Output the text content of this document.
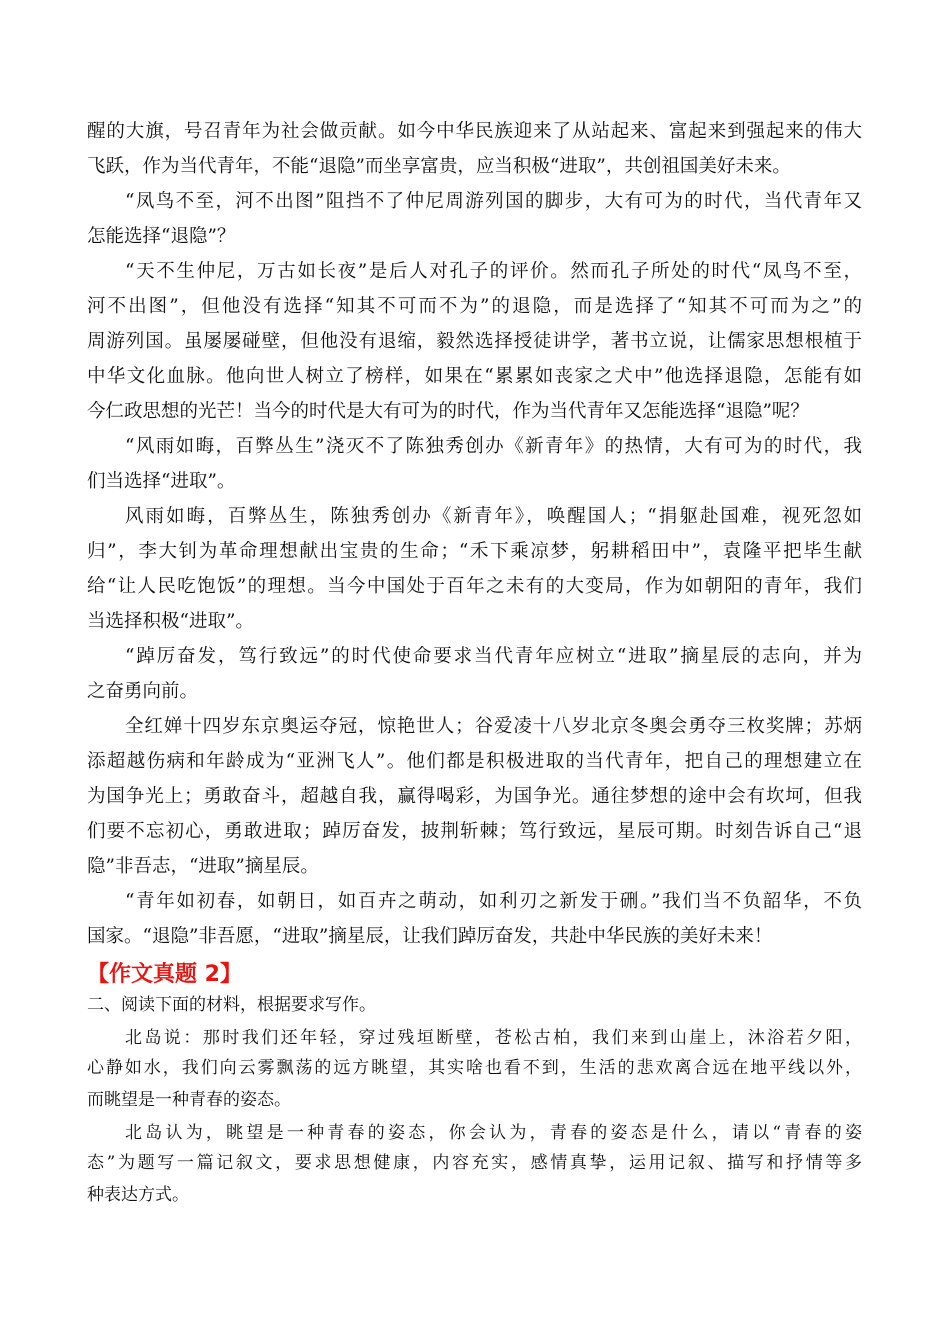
醒的大旗，号召青年为社会做贡献。如今中华民族迎来了从站起来、富起来到强起来的伟大
飞跃，作为当代青年，不能“退隐”而坐享富贵，应当积极“进取”，共创祖国美好未来。
“凤鸟不至，河不出图”阻挡不了仲尼周游列国的脚步，大有可为的时代，当代青年又
怎能选择“退隐”？
“天不生仲尼，万古如长夜”是后人对孔子的评价。然而孔子所处的时代“凤鸟不至，
河不出图”，但他没有选择“知其不可而不为”的退隐，而是选择了“知其不可而为之”的
周游列国。虽屡屡碰壁，但他没有退缩，毅然选择授徒讲学，著书立说，让儒家思想根植于
中华文化血脉。他向世人树立了榜样，如果在“累累如丧家之犬中”他选择退隐，怎能有如
今仁政思想的光芒！当今的时代是大有可为的时代，作为当代青年又怎能选择“退隐”呢？
“风雨如晦，百弊丛生”浇灭不了陈独秀创办《新青年》的热情，大有可为的时代，我
们当选择“进取”。
风雨如晦，百弊丛生，陈独秀创办《新青年》，唤醒国人；“捐躯赴国难，视死忽如
归”，李大钊为革命理想献出宝贵的生命；“禾下乘凉梦，躬耕稻田中”，袁隆平把毕生献
给“让人民吃饱饭”的理想。当今中国处于百年之未有的大变局，作为如朝阳的青年，我们
当选择积极“进取”。
“踔厉奋发，笃行致远”的时代使命要求当代青年应树立“进取”摘星辰的志向，并为
之奋勇向前。
全红婵十四岁东京奥运夺冠，惊艳世人；谷爱凌十八岁北京冬奥会勇夺三枚奖牌；苏炳
添超越伤病和年龄成为“亚洲飞人”。他们都是积极进取的当代青年，把自己的理想建立在
为国争光上；勇敢奋斗，超越自我，赢得喝彩，为国争光。通往梦想的途中会有坎坷，但我
们要不忘初心，勇敢进取；踔厉奋发，披荆斩棘；笃行致远，星辰可期。时刻告诉自己“退
隐”非吾志，“进取”摘星辰。
“青年如初春，如朝日，如百卉之萌动，如利刃之新发于硎。”我们当不负韶华，不负
国家。“退隐”非吾愿，“进取”摘星辰，让我们踔厉奋发，共赴中华民族的美好未来！
【作文真题 2】
二、阅读下面的材料，根据要求写作。
北岛说：那时我们还年轻，穿过残垣断壁，苍松古柏，我们来到山崖上，沐浴若夕阳，
心静如水，我们向云雾飘荡的远方眺望，其实啥也看不到，生活的悲欢离合远在地平线以外，
而眺望是一种青春的姿态。
北岛认为，眺望是一种青春的姿态，你会认为，青春的姿态是什么，请以“青春的姿
态”为题写一篇记叙文，要求思想健康，内容充实，感情真挚，运用记叙、描写和抒情等多
种表达方式。
